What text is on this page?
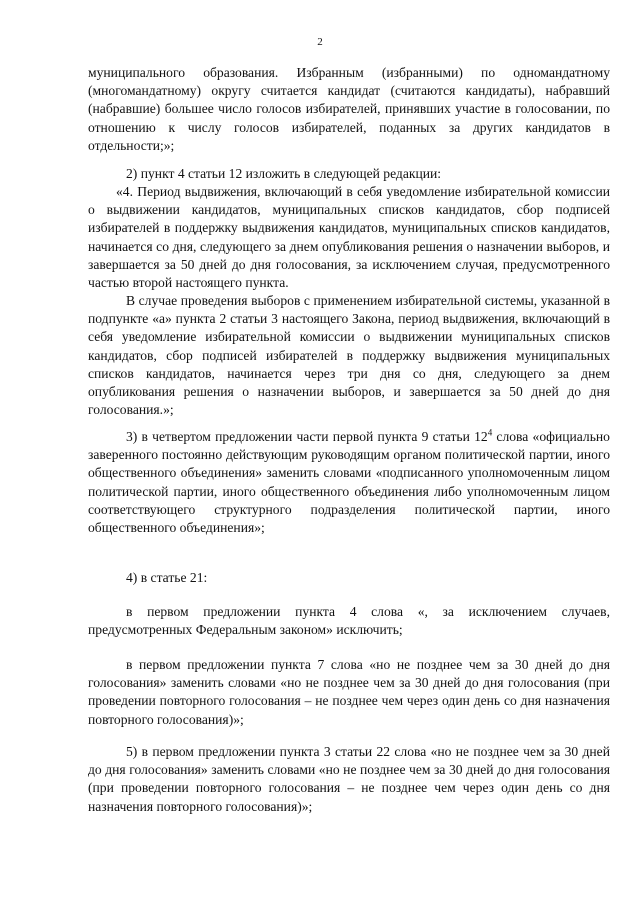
2

муниципального образования. Избранным (избранными) по одномандатному (многомандатному) округу считается кандидат (считаются кандидаты), набравший (набравшие) большее число голосов избирателей, принявших участие в голосовании, по отношению к числу голосов избирателей, поданных за других кандидатов в отдельности;»;

2) пункт 4 статьи 12 изложить в следующей редакции:

«4. Период выдвижения, включающий в себя уведомление избирательной комиссии о выдвижении кандидатов, муниципальных списков кандидатов, сбор подписей избирателей в поддержку выдвижения кандидатов, муниципальных списков кандидатов, начинается со дня, следующего за днем опубликования решения о назначении выборов, и завершается за 50 дней до дня голосования, за исключением случая, предусмотренного частью второй настоящего пункта.

В случае проведения выборов с применением избирательной системы, указанной в подпункте «а» пункта 2 статьи 3 настоящего Закона, период выдвижения, включающий в себя уведомление избирательной комиссии о выдвижении муниципальных списков кандидатов, сбор подписей избирателей в поддержку выдвижения муниципальных списков кандидатов, начинается через три дня со дня, следующего за днем опубликования решения о назначении выборов, и завершается за 50 дней до дня голосования.»;

3) в четвертом предложении части первой пункта 9 статьи $12^4$ слова «официально заверенного постоянно действующим руководящим органом политической партии, иного общественного объединения» заменить словами «подписанного уполномоченным лицом политической партии, иного общественного объединения либо уполномоченным лицом соответствующего структурного подразделения политической партии, иного общественного объединения»;

4) в статье 21:

в первом предложении пункта 4 слова «, за исключением случаев, предусмотренных Федеральным законом» исключить;

в первом предложении пункта 7 слова «но не позднее чем за 30 дней до дня голосования» заменить словами «но не позднее чем за 30 дней до дня голосования (при проведении повторного голосования – не позднее чем через один день со дня назначения повторного голосования)»;

5) в первом предложении пункта 3 статьи 22 слова «но не позднее чем за 30 дней до дня голосования» заменить словами «но не позднее чем за 30 дней до дня голосования (при проведении повторного голосования – не позднее чем через один день со дня назначения повторного голосования)»;
